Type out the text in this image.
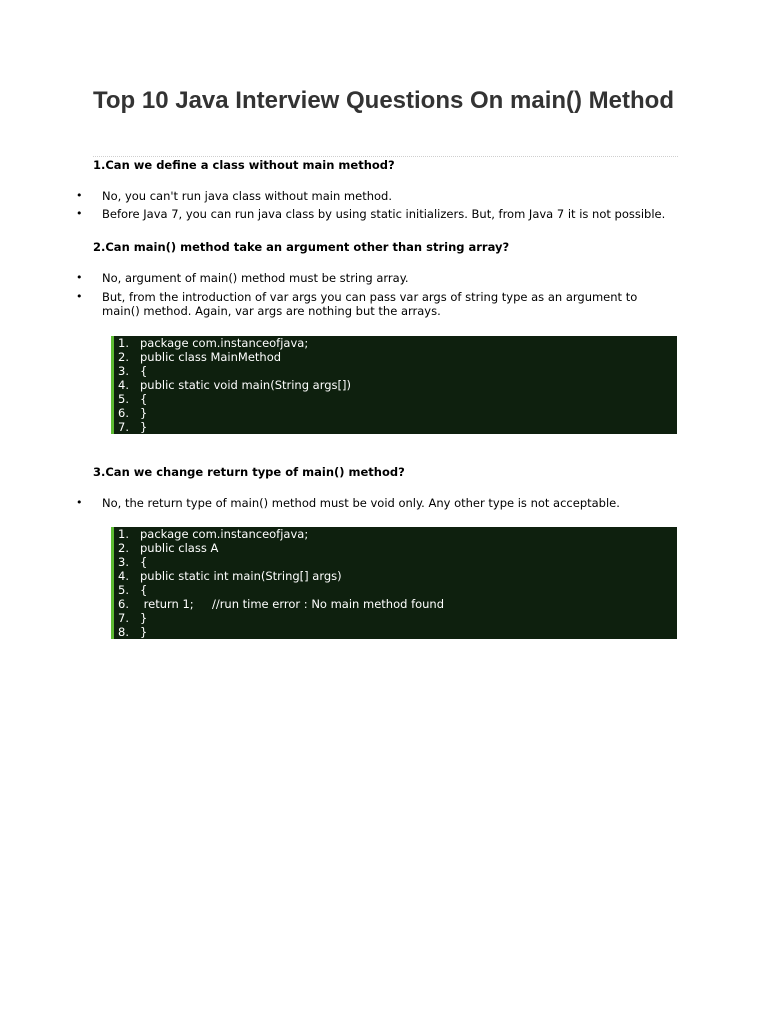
Top 10 Java Interview Questions On main() Method

1.Can we define a class without main method?

• No, you can't run java class without main method.
• Before Java 7, you can run java class by using static initializers. But, from Java 7 it is not possible.

2.Can main() method take an argument other than string array?

• No, argument of main() method must be string array.
• But, from the introduction of var args you can pass var args of string type as an argument to main() method. Again, var args are nothing but the arrays.
1. package com.instanceofjava;
2. public class MainMethod
3. {
4. public static void main(String args[])
5. {
6. }
7. }

3.Can we change return type of main() method?

• No, the return type of main() method must be void only. Any other type is not acceptable.
1. package com.instanceofjava;
2. public class A
3. {
4. public static int main(String[] args)
5. {
6. return 1;     //run time error : No main method found
7. }
8. }
